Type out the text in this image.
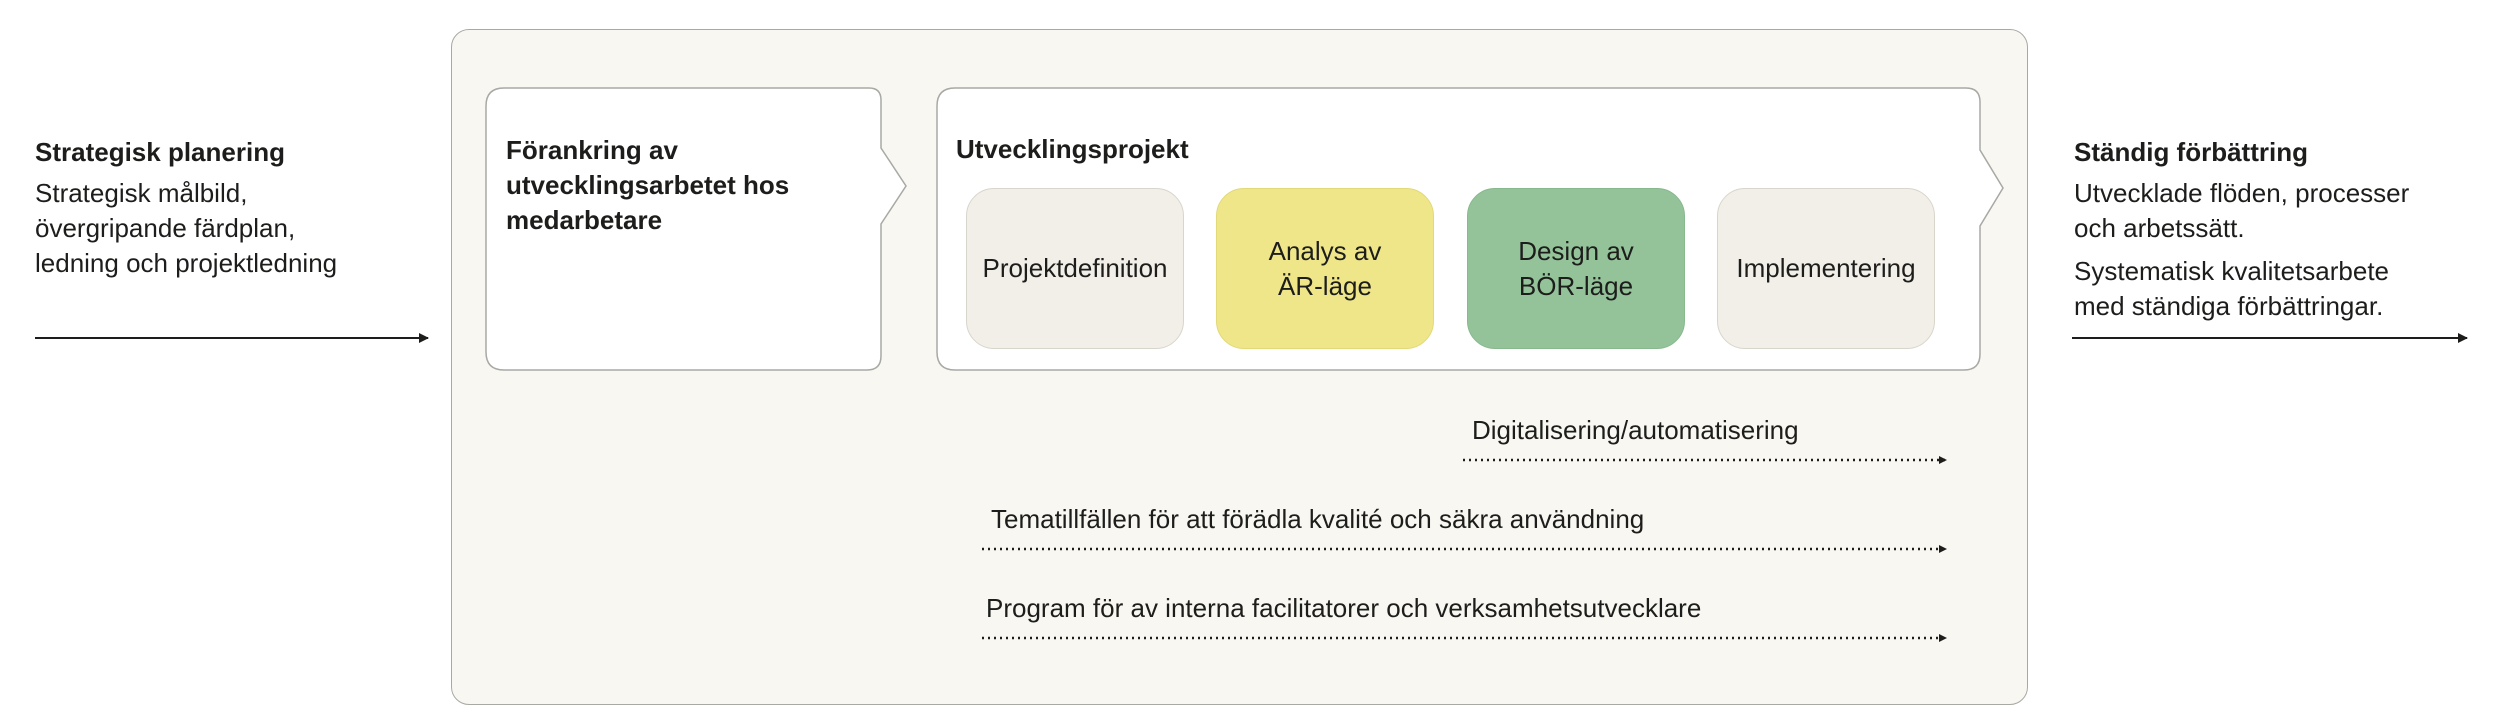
Strategisk planering
Strategisk målbild,
övergripande färdplan,
ledning och projektledning
Förankring av
utvecklingsarbetet hos
medarbetare
Utvecklingsprojekt
Projektdefinition
Analys av
ÄR-läge
Design av
BÖR-läge
Implementering
Ständig förbättring
Utvecklade flöden, processer
och arbetssätt.
Systematisk kvalitetsarbete
med ständiga förbättringar.
Digitalisering/automatisering
Tematillfällen för att förädla kvalité och säkra användning
Program för av interna facilitatorer och verksamhetsutvecklare
